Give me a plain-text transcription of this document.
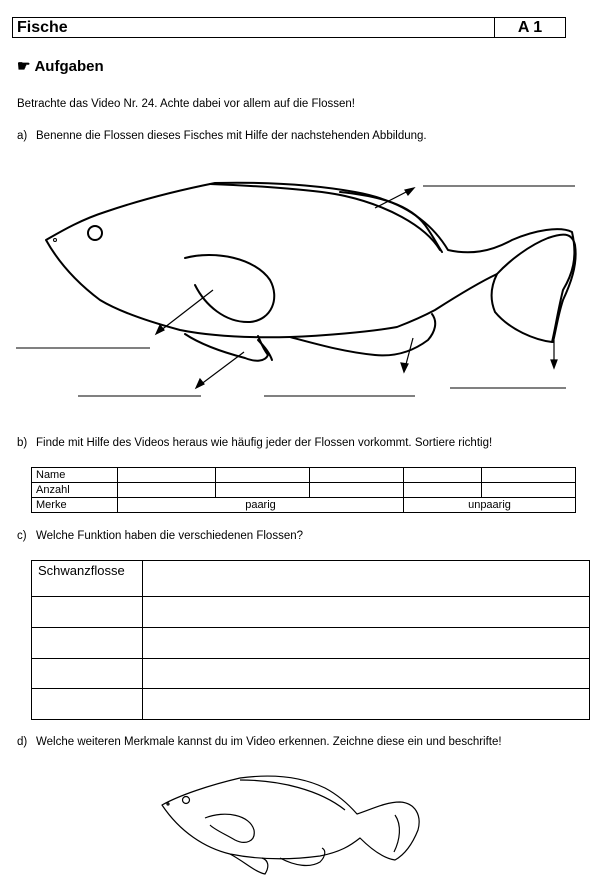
Fische	A 1
☛ Aufgaben
Betrachte das Video Nr. 24. Achte dabei vor allem auf die Flossen!
a) Benenne die Flossen dieses Fisches mit Hilfe der nachstehenden Abbildung.
b) Finde mit Hilfe des Videos heraus wie häufig jeder der Flossen vorkommt. Sortiere richtig!
Name					
Anzahl					
Merke	paarig			unpaarig	
c) Welche Funktion haben die verschiedenen Flossen?
Schwanzflosse	

d) Welche weiteren Merkmale kannst du im Video erkennen. Zeichne diese ein und beschrifte!
